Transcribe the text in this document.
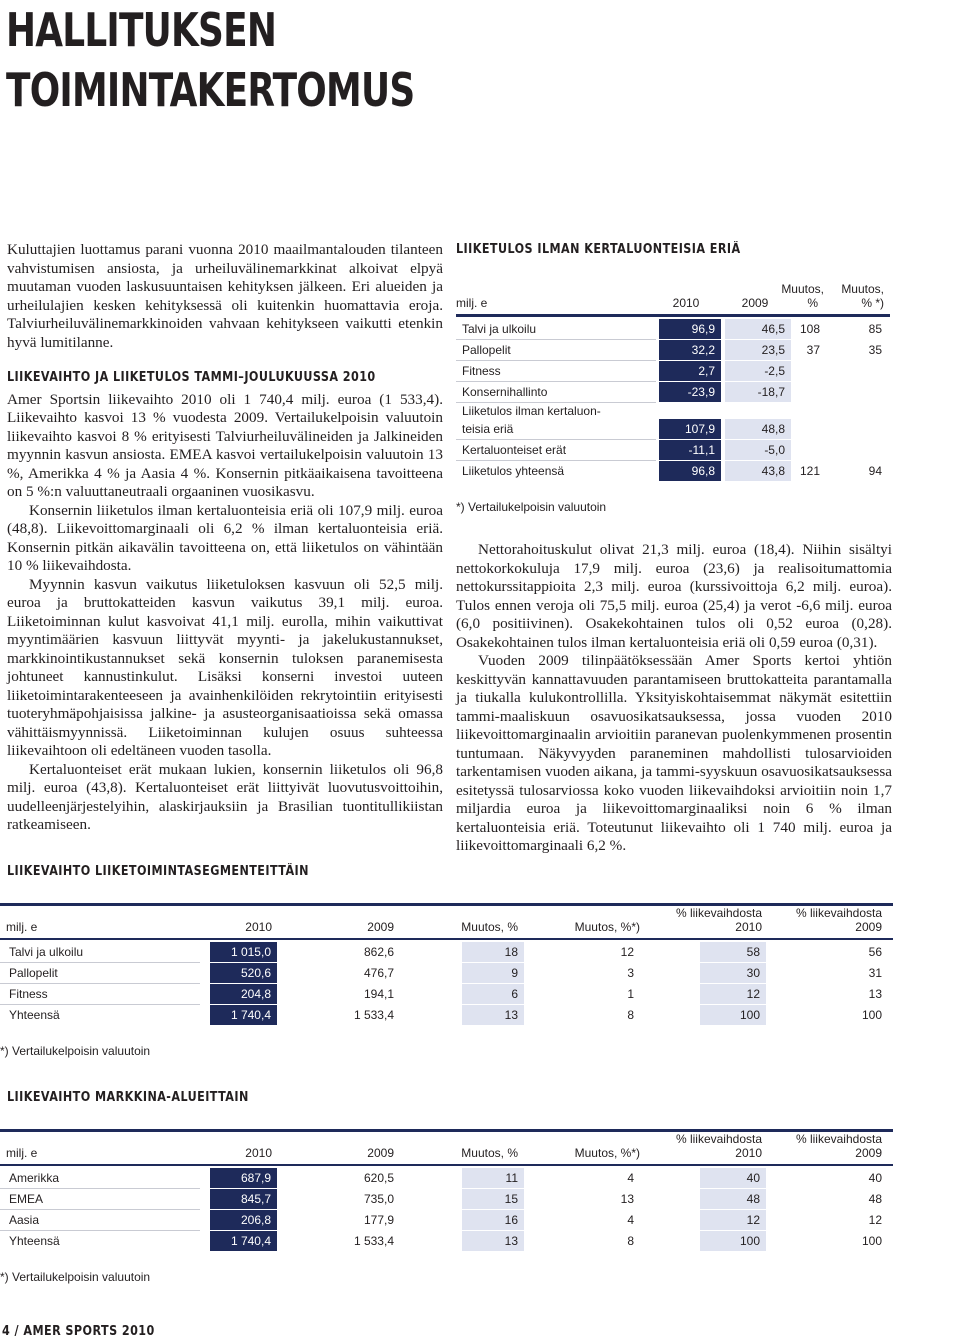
HALLITUKSEN
TOIMINTAKERTOMUS

Kuluttajien luottamus parani vuonna 2010 maailmantalouden tilanteen vahvistumisen ansiosta, ja urheiluvälinemarkkinat alkoivat elpyä muutaman vuoden laskusuuntaisen kehityksen jälkeen. Eri alueiden ja urheilulajien kesken kehityksessä oli kuitenkin huomattavia eroja. Talviurheiluvälinemarkkinoiden vahvaan kehitykseen vaikutti etenkin hyvä lumitilanne.

LIIKEVAIHTO JA LIIKETULOS TAMMI–JOULUKUUSSA 2010

Amer Sportsin liikevaihto 2010 oli 1 740,4 milj. euroa (1 533,4). Liikevaihto kasvoi 13 % vuodesta 2009. Vertailukelpoisin valuutoin liikevaihto kasvoi 8 % erityisesti Talviurheiluvälineiden ja Jalkineiden myynnin kasvun ansiosta. EMEA kasvoi vertailukelpoisin valuutoin 13 %, Amerikka 4 % ja Aasia 4 %. Konsernin pitkäaikaisena tavoitteena on 5 %:n valuuttaneutraali orgaaninen vuosikasvu.

Konsernin liiketulos ilman kertaluonteisia eriä oli 107,9 milj. euroa (48,8). Liikevoittomarginaali oli 6,2 % ilman kertaluonteisia eriä. Konsernin pitkän aikavälin tavoitteena on, että liiketulos on vähintään 10 % liikevaihdosta.

Myynnin kasvun vaikutus liiketuloksen kasvuun oli 52,5 milj. euroa ja bruttokatteiden kasvun vaikutus 39,1 milj. euroa. Liiketoiminnan kulut kasvoivat 41,1 milj. eurolla, mihin vaikuttivat myyntimäärien kasvuun liittyvät myynti- ja jakelukustannukset, markkinointikustannukset sekä konsernin tuloksen paranemisesta johtuneet kannustinkulut. Lisäksi konserni investoi uuteen liiketoimintarakenteeseen ja avainhenkilöiden rekrytointiin erityisesti tuoteryhmäpohjaisissa jalkine- ja asusteorganisaatioissa sekä omassa vähittäismyynnissä. Liiketoiminnan kulujen osuus suhteessa liikevaihtoon oli edeltäneen vuoden tasolla.

Kertaluonteiset erät mukaan lukien, konsernin liiketulos oli 96,8 milj. euroa (43,8). Kertaluonteiset erät liittyivät luovutusvoittoihin, uudelleenjärjestelyihin, alaskirjauksiin ja Brasilian tuontitullikiistan ratkeamiseen.

LIIKETULOS ILMAN KERTALUONTEISIA ERIÄ
milj. e	2010	2009
Muutos,
%
Muutos,
% *)
Talvi ja ulkoilu	96,9	46,5	108	85
Pallopelit	32,2	23,5	37	35
Fitness	2,7	-2,5
Konsernihallinto	-23,9	-18,7
Liiketulos ilman kertaluon-
teisia eriä	107,9	48,8
Kertaluonteiset erät	-11,1	-5,0
Liiketulos yhteensä	96,8	43,8	121	94
*) Vertailukelpoisin valuutoin

Nettorahoituskulut olivat 21,3 milj. euroa (18,4). Niihin sisältyi nettokorkokuluja 17,9 milj. euroa (23,6) ja realisoitumattomia nettokurssitappioita 2,3 milj. euroa (kurssivoittoja 6,2 milj. euroa). Tulos ennen veroja oli 75,5 milj. euroa (25,4) ja verot -6,6 milj. euroa (6,0 positiivinen). Osakekohtainen tulos oli 0,52 euroa (0,28). Osakekohtainen tulos ilman kertaluonteisia eriä oli 0,59 euroa (0,31).

Vuoden 2009 tilinpäätöksessään Amer Sports kertoi yhtiön keskittyvän kannattavuuden parantamiseen bruttokatteita parantamalla ja tiukalla kulukontrollilla. Yksityiskohtaisemmat näkymät esitettiin tammi-maaliskuun osavuosikatsauksessa, jossa vuoden 2010 liikevoittomarginaalin arvioitiin paranevan puolenkymmenen prosentin tuntumaan. Näkyvyyden paraneminen mahdollisti tulosarvioiden tarkentamisen vuoden aikana, ja tammi-syyskuun osavuosikatsauksessa esitetyssä tulosarviossa koko vuoden liikevaihdoksi arvioitiin noin 1,7 miljardia euroa ja liikevoittomarginaaliksi noin 6 % ilman kertaluonteisia eriä. Toteutunut liikevaihto oli 1 740 milj. euroa ja liikevoittomarginaali 6,2 %.

LIIKEVAIHTO LIIKETOIMINTASEGMENTEITTÄIN
milj. e	2010	2009	Muutos, %	Muutos, %*)
% liikevaihdosta
2010
% liikevaihdosta
2009
Talvi ja ulkoilu	1 015,0	862,6	18	12	58	56
Pallopelit	520,6	476,7	9	3	30	31
Fitness	204,8	194,1	6	1	12	13
Yhteensä	1 740,4	1 533,4	13	8	100	100
*) Vertailukelpoisin valuutoin
LIIKEVAIHTO MARKKINA-ALUEITTAIN
milj. e	2010	2009	Muutos, %	Muutos, %*)
% liikevaihdosta
2010
% liikevaihdosta
2009
Amerikka	687,9	620,5	11	4	40	40
EMEA	845,7	735,0	15	13	48	48
Aasia	206,8	177,9	16	4	12	12
Yhteensä	1 740,4	1 533,4	13	8	100	100
*) Vertailukelpoisin valuutoin
4 / AMER SPORTS 2010
